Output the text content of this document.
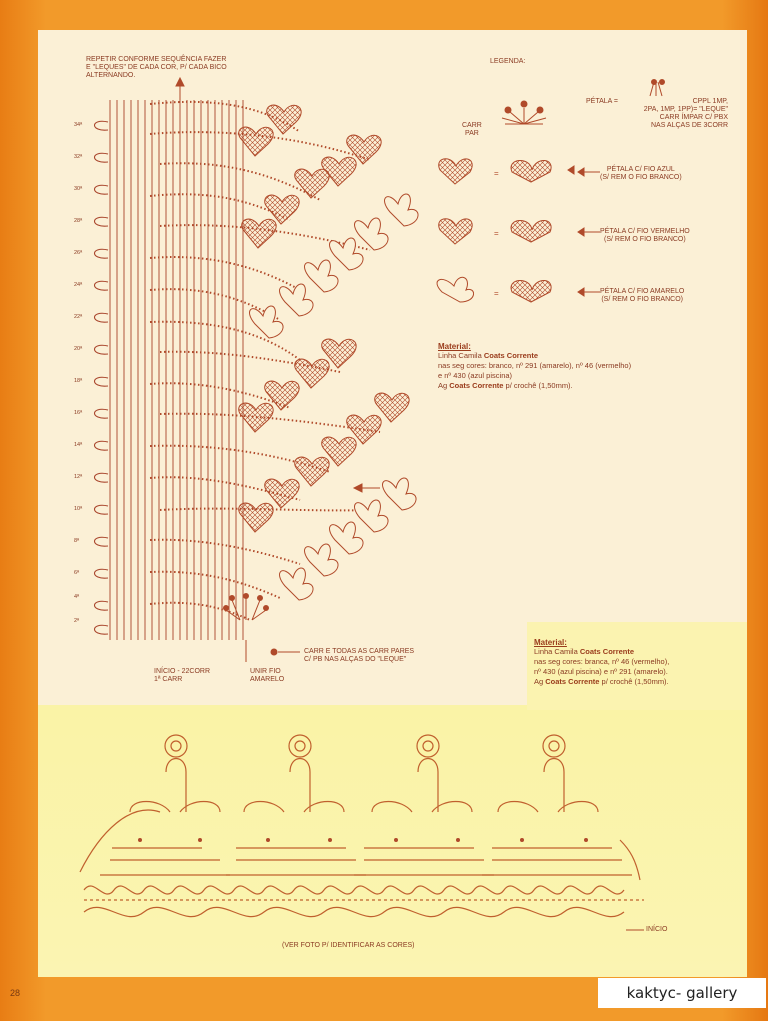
=
=
=
REPETIR CONFORME SEQUÊNCIA FAZER
E "LEQUES" DE CADA COR, P/ CADA BICO
ALTERNANDO.
LEGENDA:
CARR
PAR
PÉTALA =	CPPL 1MP,
2PA, 1MP, 1PP)= "LEQUE"
CARR ÍMPAR C/ PBX
NAS ALÇAS DE 3CORR
PÉTALA C/ FIO AZUL
(S/ REM O FIO BRANCO)
PÉTALA C/ FIO VERMELHO
(S/ REM O FIO BRANCO)
PÉTALA C/ FIO AMARELO
(S/ REM O FIO BRANCO)
Material:
Linha Camila Coats Corrente
nas seg cores: branco, nº 291 (amarelo), nº 46 (vermelho)
e nº 430 (azul piscina)
Ag Coats Corrente p/ crochê (1,50mm).
Material:
Linha Camila Coats Corrente
nas seg cores: branca, nº 46 (vermelho),
nº 430 (azul piscina) e nº 291 (amarelo).
Ag Coats Corrente p/ crochê (1,50mm).
INÍCIO - 22CORR
1ª CARR
UNIR FIO
AMARELO
CARR E TODAS AS CARR PARES
C/ PB NAS ALÇAS DO "LEQUE"
34ª
32ª
30ª
28ª
26ª
24ª
22ª
20ª
18ª
16ª
14ª
12ª
10ª
8ª
6ª
4ª
2ª
INÍCIO
(VER FOTO P/ IDENTIFICAR AS CORES)
28	kaktyc- gallery
